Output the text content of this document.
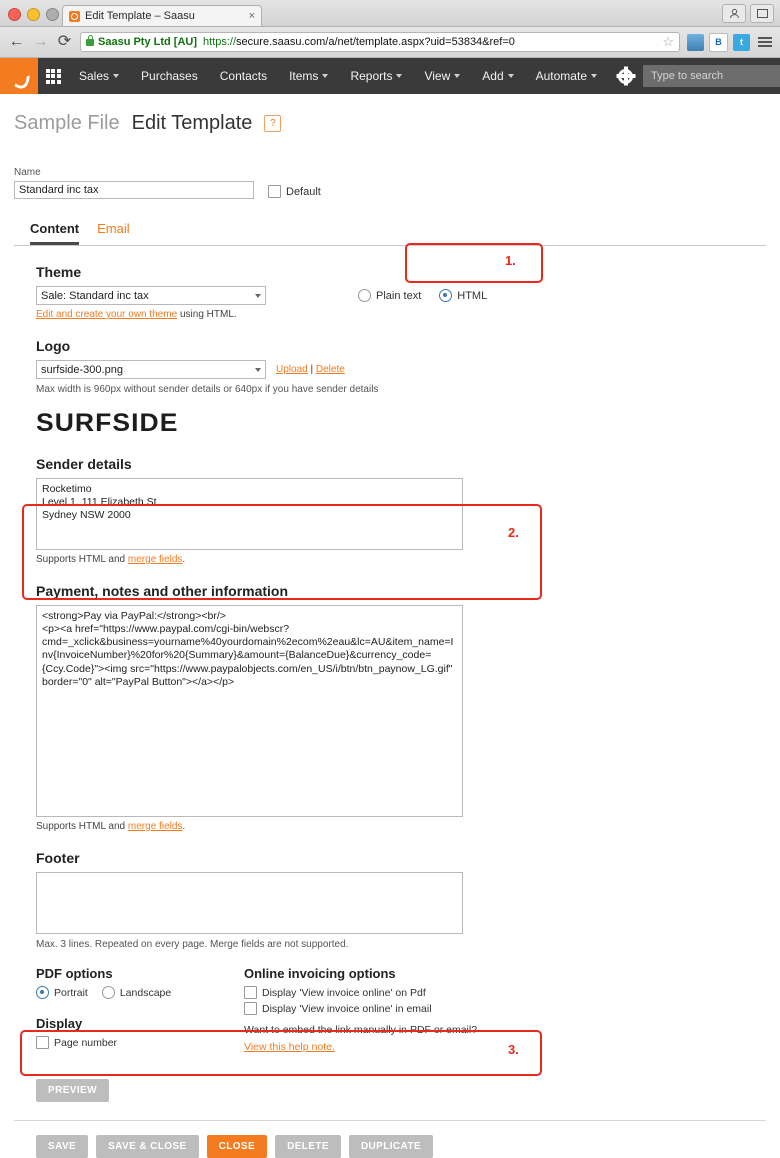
Edit Template – Saasu	×
← → ⟳ Saasu Pty Ltd [AU] https://secure.saasu.com/a/net/template.aspx?uid=53834&ref=0	☆	B	t
Sales	Purchases Contacts Items	Reports	View	Add	Automate
Type to search
Sample File Edit Template	?
Name
Standard inc tax
Default
Content Email
Theme
Sale: Standard inc tax
Edit and create your own theme using HTML.
Plain text	HTML
Logo
surfside-300.png	Upload | Delete
Max width is 960px without sender details or 640px if you have sender details
SURFSIDE
Sender details
Rocketimo Level 1, 111 Elizabeth St Sydney NSW 2000
Supports HTML and merge fields.
Payment, notes and other information
<strong>Pay via PayPal:</strong><br/> <p><a href="https://www.paypal.com/cgi-bin/webscr?cmd=_xclick&business=yourname%40yourdomain%2ecom%2eau&lc=AU&item_name=Inv{InvoiceNumber}%20for%20{Summary}&amount={BalanceDue}&currency_code={Ccy.Code}"><img src="https://www.paypalobjects.com/en_US/i/btn/btn_paynow_LG.gif" border="0" alt="PayPal Button"></a></p>
Supports HTML and merge fields.
Footer
Max. 3 lines. Repeated on every page. Merge fields are not supported.
PDF options
Portrait	Landscape
Display
Page number
Online invoicing options
Display 'View invoice online' on Pdf
Display 'View invoice online' in email
Want to embed the link manually in PDF or email?
View this help note.
PREVIEW
SAVE	SAVE & CLOSE	CLOSE	DELETE	DUPLICATE
1.
2.
3.
